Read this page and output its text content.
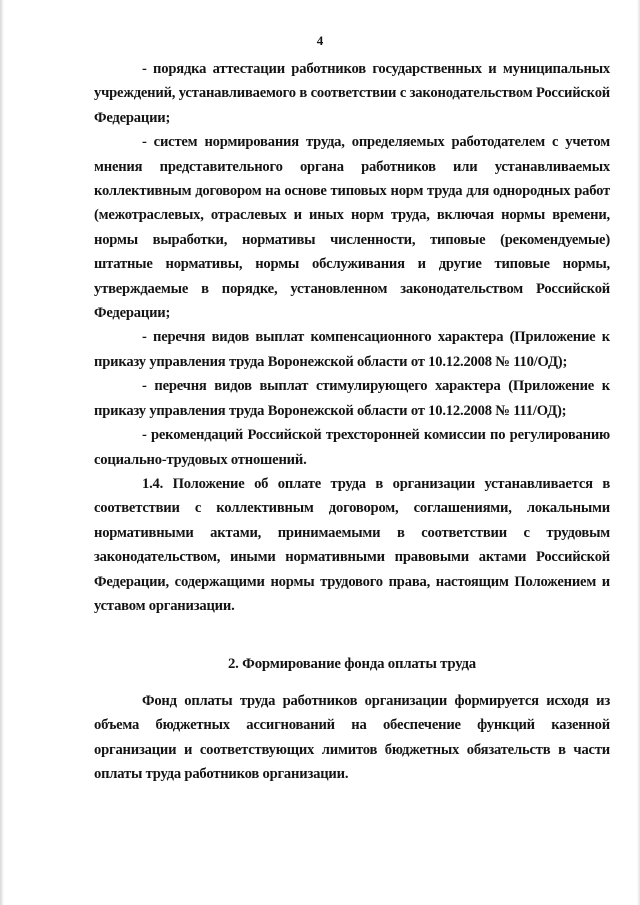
4

- порядка аттестации работников государственных и муниципальных учреждений, устанавливаемого в соответствии с законодательством Российской Федерации;

- систем нормирования труда, определяемых работодателем с учетом мнения представительного органа работников или устанавливаемых коллективным договором на основе типовых норм труда для однородных работ (межотраслевых, отраслевых и иных норм труда, включая нормы времени, нормы выработки, нормативы численности, типовые (рекомендуемые) штатные нормативы, нормы обслуживания и другие типовые нормы, утверждаемые в порядке, установленном законодательством Российской Федерации;

- перечня видов выплат компенсационного характера (Приложение к приказу управления труда Воронежской области от 10.12.2008 № 110/ОД);

- перечня видов выплат стимулирующего характера (Приложение к приказу управления труда Воронежской области от 10.12.2008 № 111/ОД);

- рекомендаций Российской трехсторонней комиссии по регулированию социально-трудовых отношений.

1.4. Положение об оплате труда в организации устанавливается в соответствии с коллективным договором, соглашениями, локальными нормативными актами, принимаемыми в соответствии с трудовым законодательством, иными нормативными правовыми актами Российской Федерации, содержащими нормы трудового права, настоящим Положением и уставом организации.

2. Формирование фонда оплаты труда

Фонд оплаты труда работников организации формируется исходя из объема бюджетных ассигнований на обеспечение функций казенной организации и соответствующих лимитов бюджетных обязательств в части оплаты труда работников организации.
